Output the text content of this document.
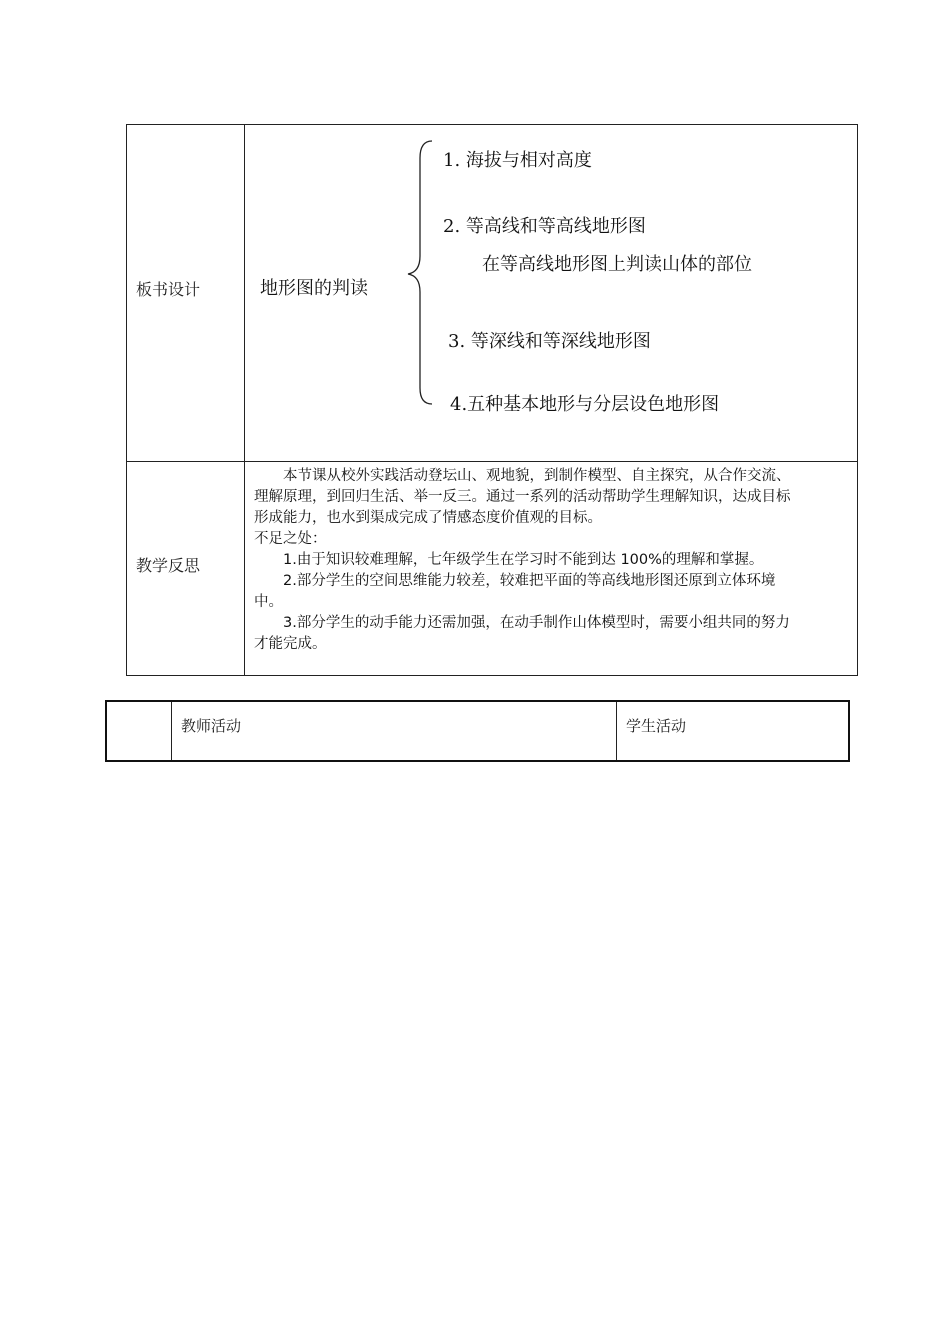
板书设计	地形图的判读
1. 海拔与相对高度
2. 等高线和等高线地形图
在等高线地形图上判读山体的部位
3. 等深线和等深线地形图
4.五种基本地形与分层设色地形图
教学反思

本节课从校外实践活动登坛山、观地貌，到制作模型、自主探究，从合作交流、理解原理，到回归生活、举一反三。通过一系列的活动帮助学生理解知识，达成目标形成能力，也水到渠成完成了情感态度价值观的目标。

不足之处：

1.由于知识较难理解，七年级学生在学习时不能到达 100%的理解和掌握。

2.部分学生的空间思维能力较差，较难把平面的等高线地形图还原到立体环境中。

3.部分学生的动手能力还需加强，在动手制作山体模型时，需要小组共同的努力才能完成。

教师活动	学生活动
